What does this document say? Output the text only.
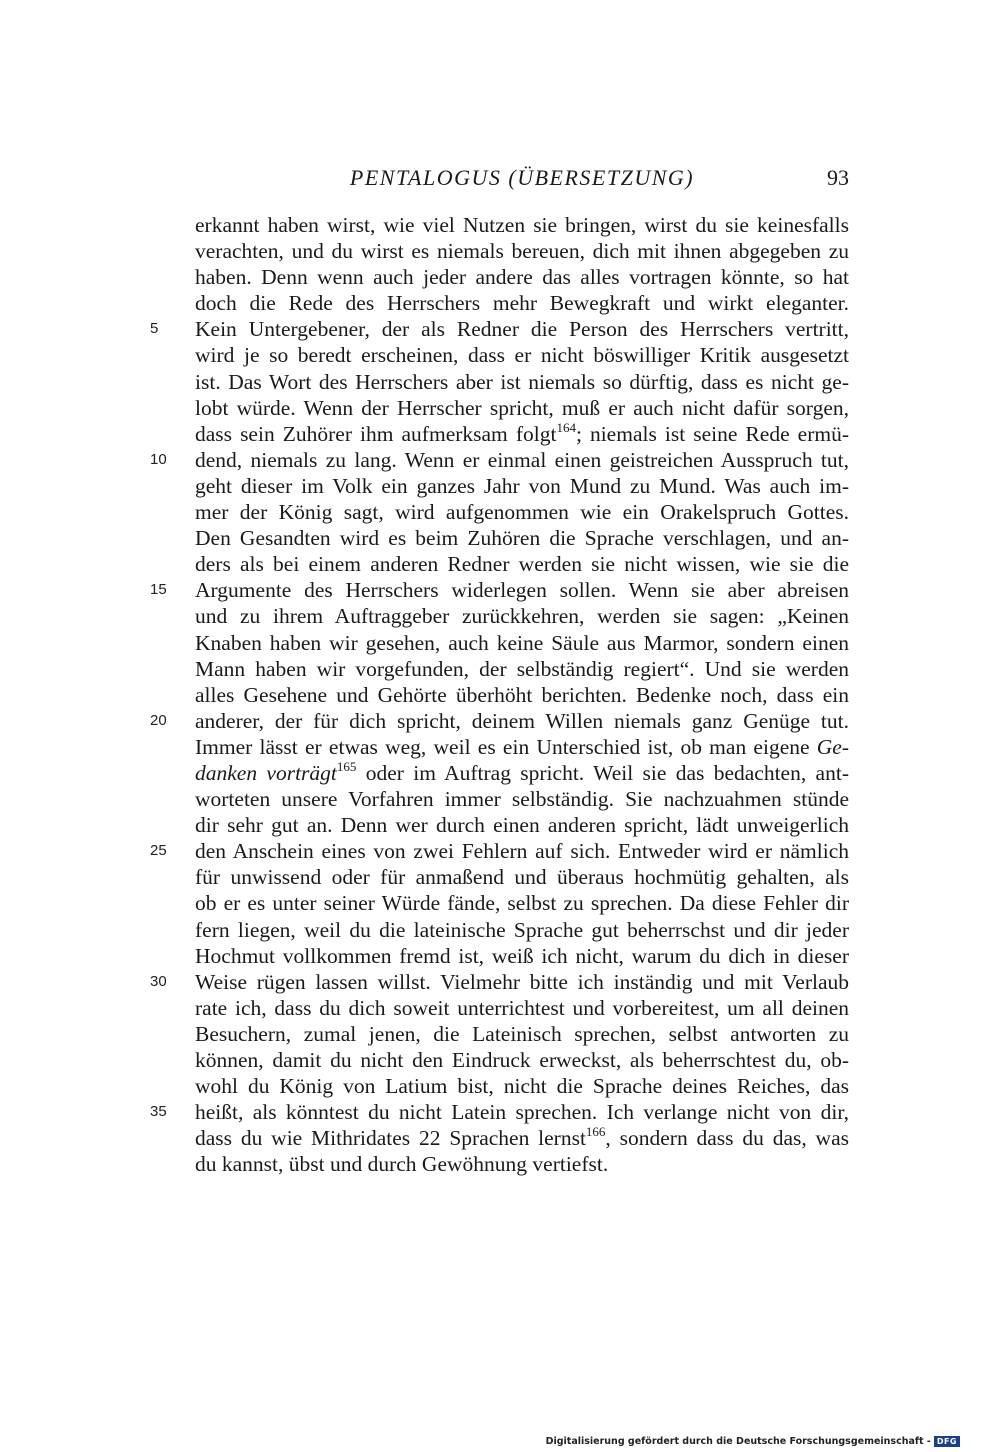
PENTALOGUS (ÜBERSETZUNG)	93
erkannt haben wirst, wie viel Nutzen sie bringen, wirst du sie keinesfalls
verachten, und du wirst es niemals bereuen, dich mit ihnen abgegeben zu
haben. Denn wenn auch jeder andere das alles vortragen könnte, so hat
doch die Rede des Herrschers mehr Bewegkraft und wirkt eleganter.
5	Kein Untergebener, der als Redner die Person des Herrschers vertritt,
wird je so beredt erscheinen, dass er nicht böswilliger Kritik ausgesetzt
ist. Das Wort des Herrschers aber ist niemals so dürftig, dass es nicht ge-
lobt würde. Wenn der Herrscher spricht, muß er auch nicht dafür sorgen,
dass sein Zuhörer ihm aufmerksam folgt$^{164}$; niemals ist seine Rede ermü-
10	dend, niemals zu lang. Wenn er einmal einen geistreichen Ausspruch tut,
geht dieser im Volk ein ganzes Jahr von Mund zu Mund. Was auch im-
mer der König sagt, wird aufgenommen wie ein Orakelspruch Gottes.
Den Gesandten wird es beim Zuhören die Sprache verschlagen, und an-
ders als bei einem anderen Redner werden sie nicht wissen, wie sie die
15	Argumente des Herrschers widerlegen sollen. Wenn sie aber abreisen
und zu ihrem Auftraggeber zurückkehren, werden sie sagen: „Keinen
Knaben haben wir gesehen, auch keine Säule aus Marmor, sondern einen
Mann haben wir vorgefunden, der selbständig regiert“. Und sie werden
alles Gesehene und Gehörte überhöht berichten. Bedenke noch, dass ein
20	anderer, der für dich spricht, deinem Willen niemals ganz Genüge tut.
Immer lässt er etwas weg, weil es ein Unterschied ist, ob man eigene Ge-
danken vorträgt$^{165}$ oder im Auftrag spricht. Weil sie das bedachten, ant-
worteten unsere Vorfahren immer selbständig. Sie nachzuahmen stünde
dir sehr gut an. Denn wer durch einen anderen spricht, lädt unweigerlich
25	den Anschein eines von zwei Fehlern auf sich. Entweder wird er nämlich
für unwissend oder für anmaßend und überaus hochmütig gehalten, als
ob er es unter seiner Würde fände, selbst zu sprechen. Da diese Fehler dir
fern liegen, weil du die lateinische Sprache gut beherrschst und dir jeder
Hochmut vollkommen fremd ist, weiß ich nicht, warum du dich in dieser
30	Weise rügen lassen willst. Vielmehr bitte ich inständig und mit Verlaub
rate ich, dass du dich soweit unterrichtest und vorbereitest, um all deinen
Besuchern, zumal jenen, die Lateinisch sprechen, selbst antworten zu
können, damit du nicht den Eindruck erweckst, als beherrschtest du, ob-
wohl du König von Latium bist, nicht die Sprache deines Reiches, das
35	heißt, als könntest du nicht Latein sprechen. Ich verlange nicht von dir,
dass du wie Mithridates 22 Sprachen lernst$^{166}$, sondern dass du das, was
du kannst, übst und durch Gewöhnung vertiefst.
Digitalisierung gefördert durch die Deutsche Forschungsgemeinschaft - DFG
